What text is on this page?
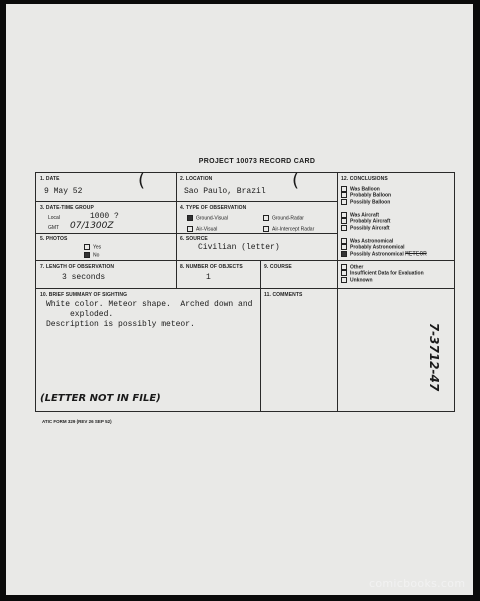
PROJECT 10073 RECORD CARD
1. DATE
9 May 52
(	2. LOCATION
Sao Paulo, Brazil
(
3. DATE-TIME GROUP
Local	1000 ?
GMT 07/1300Z
4. TYPE OF OBSERVATION
Ground-Visual	Ground-Radar
Air-Visual	Air-Intercept Radar
5. PHOTOS
Yes
No
6. SOURCE
Civilian (letter)
7. LENGTH OF OBSERVATION
3 seconds
8. NUMBER OF OBJECTS
1
9. COURSE
10. BRIEF SUMMARY OF SIGHTING
White color. Meteor shape.  Arched down and
exploded.
Description is possibly meteor.
(LETTER NOT IN FILE)
11. COMMENTS
12. CONCLUSIONS
Was Balloon
Probably Balloon
Possibly Balloon
Was Aircraft
Probably Aircraft
Possibly Aircraft
Was Astronomical
Probably Astronomical
Possibly Astronomical METEOR
Other
Insufficient Data for Evaluation
Unknown
7-3712-47
ATIC FORM 329 (REV 26 SEP 52)
comicbooks.com
